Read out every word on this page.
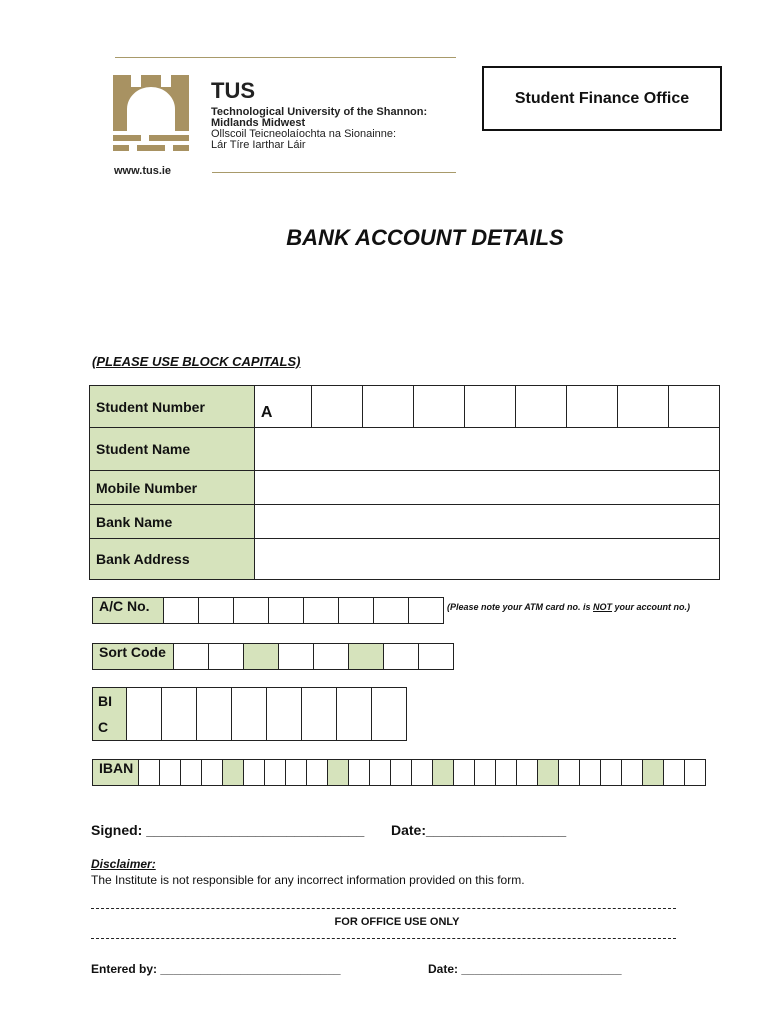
TUS
Technological University of the Shannon:
Midlands Midwest
Ollscoil Teicneolaíochta na Sionainne:
Lár Tíre Iarthar Láir
www.tus.ie
Student Finance Office
BANK ACCOUNT DETAILS
(PLEASE USE BLOCK CAPITALS)
Student Number	A								
Student Name									
Mobile Number									
Bank Name									
Bank Address									
A/C No.									(Please note your ATM card no. is NOT your account no.)
Sort Code								
BI
C

IBAN																											
Signed: ____________________________ Date:__________________
Disclaimer:
The Institute is not responsible for any incorrect information provided on this form.
FOR OFFICE USE ONLY
Entered by: ___________________________	Date: ________________________
